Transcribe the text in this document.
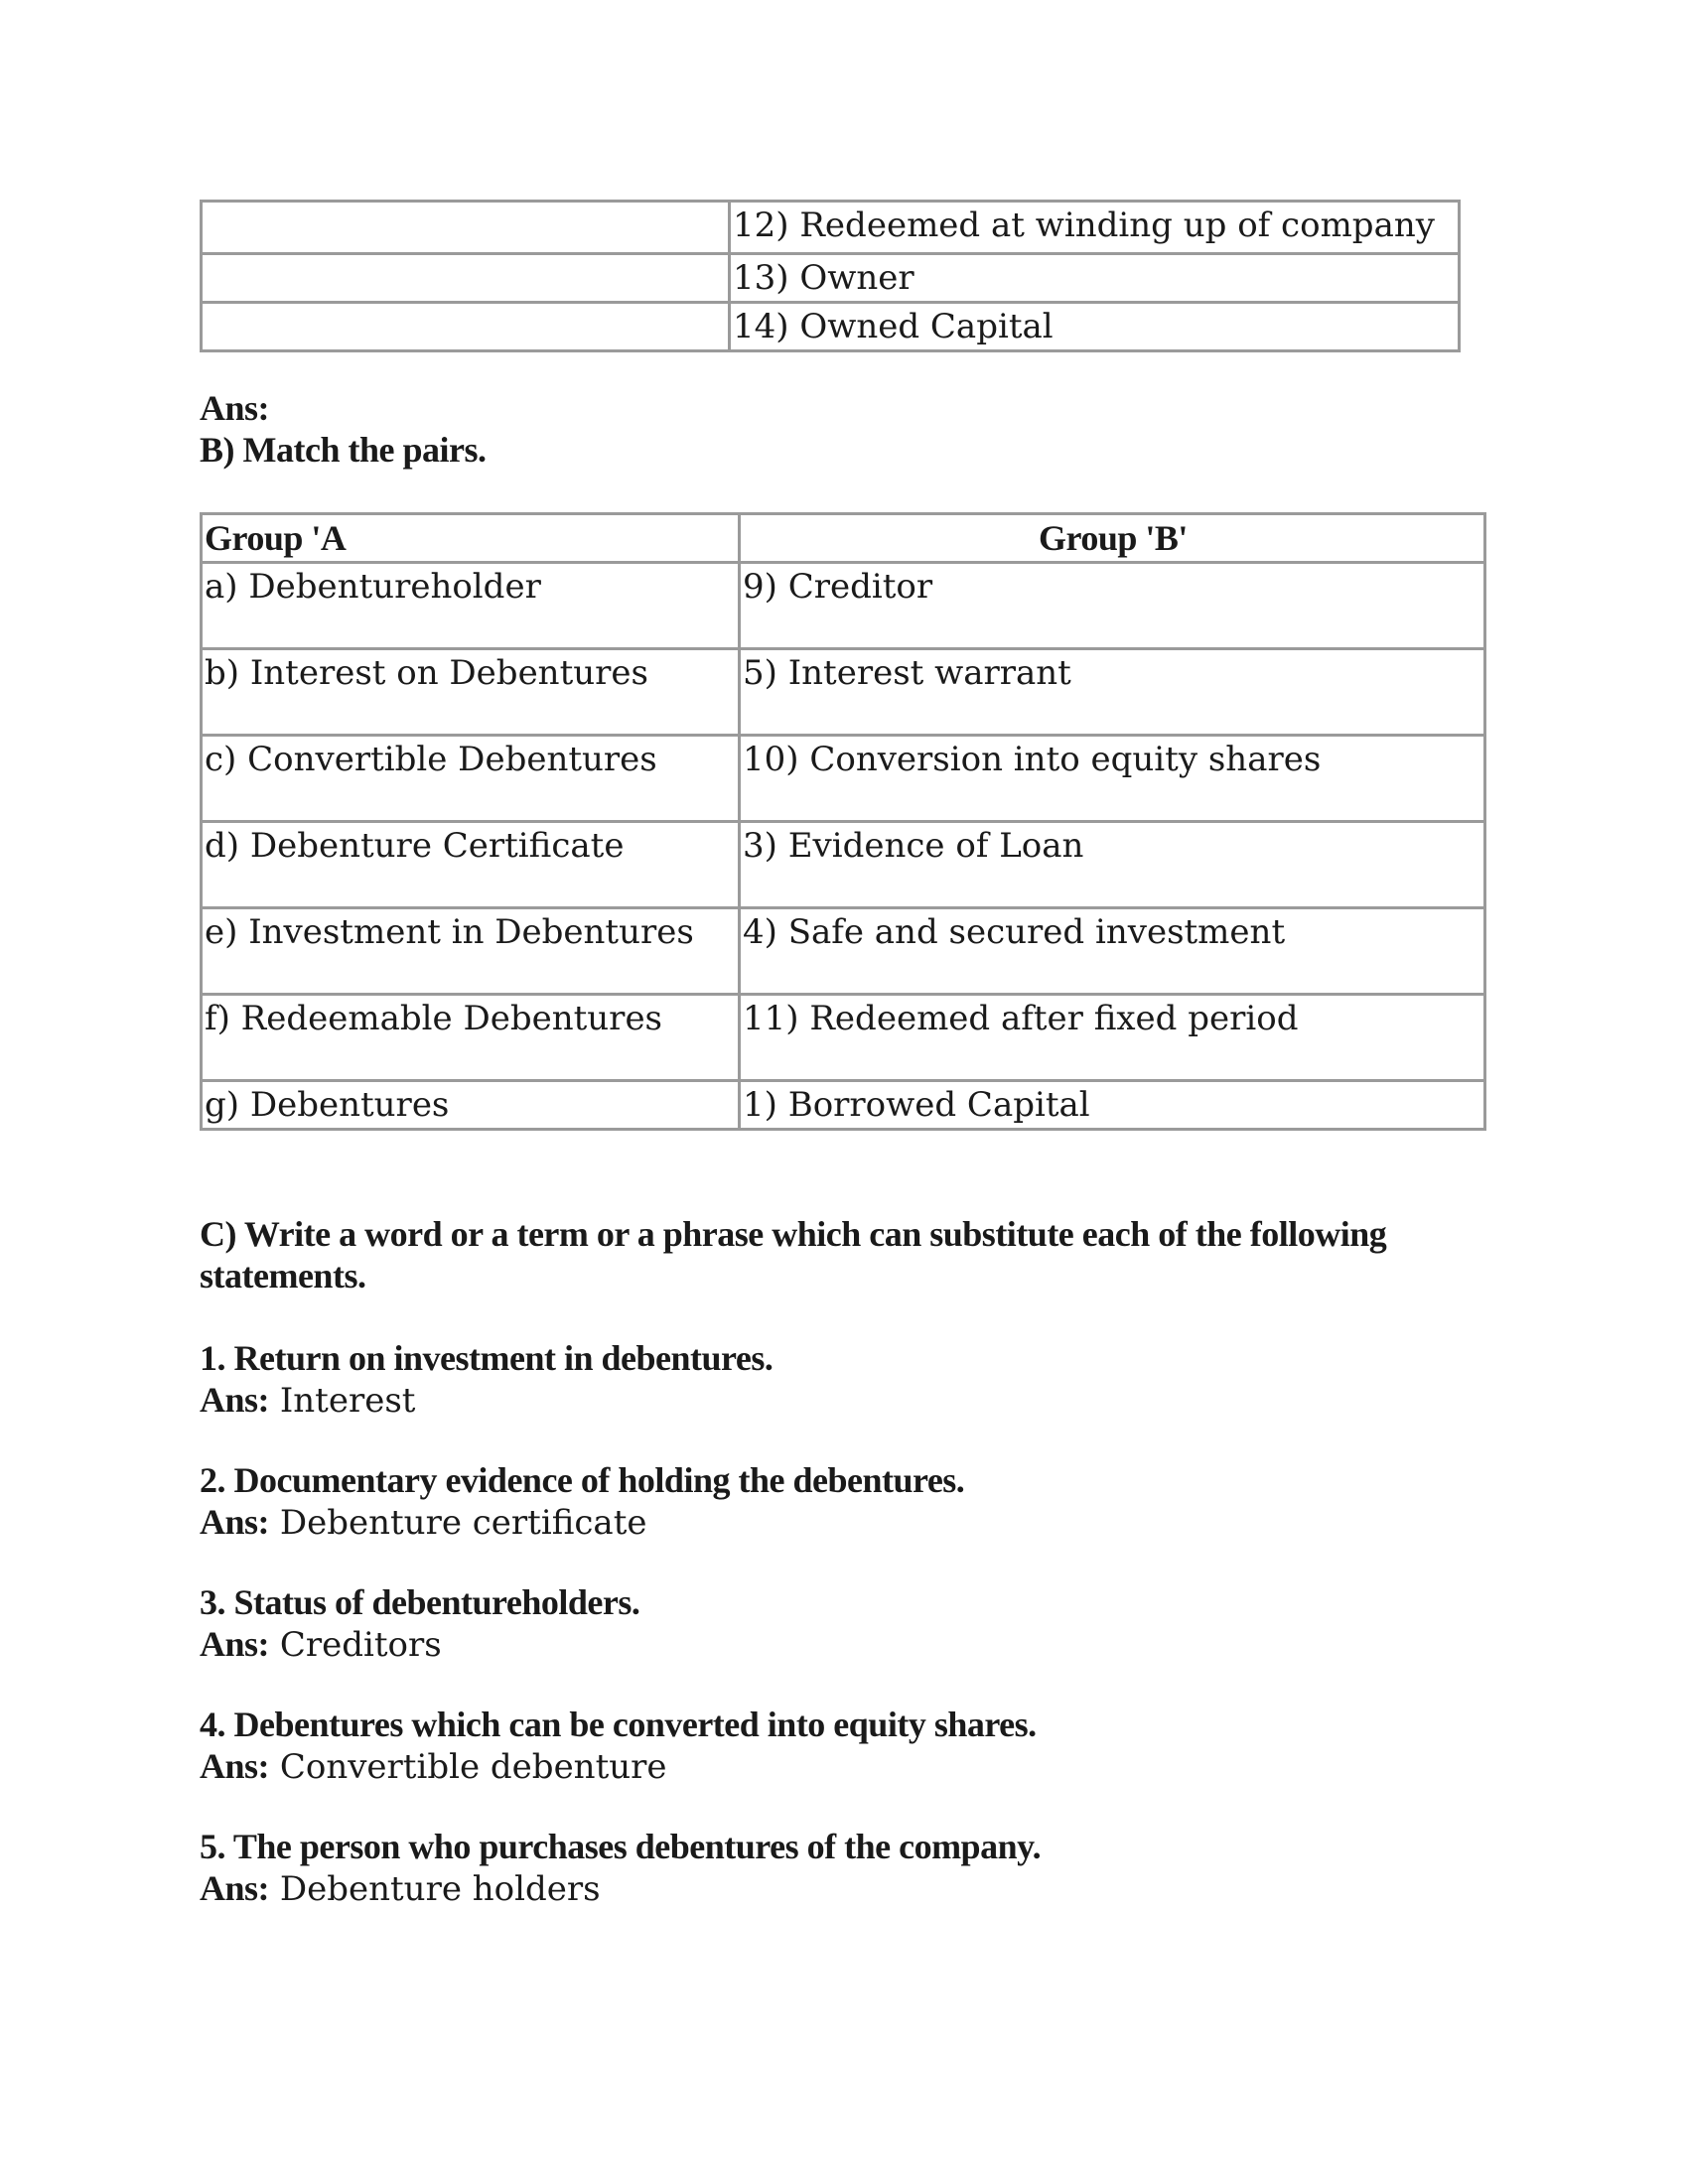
	12) Redeemed at winding up of company
	13) Owner
	14) Owned Capital

Ans:

B) Match the pairs.

Group 'A	Group 'B'
a) Debentureholder	9) Creditor
b) Interest on Debentures	5) Interest warrant
c) Convertible Debentures	10) Conversion into equity shares
d) Debenture Certificate	3) Evidence of Loan
e) Investment in Debentures	4) Safe and secured investment
f) Redeemable Debentures	11) Redeemed after fixed period
g) Debentures	1) Borrowed Capital

C) Write a word or a term or a phrase which can substitute each of the following

statements.

1. Return on investment in debentures.

Ans: Interest

2. Documentary evidence of holding the debentures.

Ans: Debenture certificate

3. Status of debentureholders.

Ans: Creditors

4. Debentures which can be converted into equity shares.

Ans: Convertible debenture

5. The person who purchases debentures of the company.

Ans: Debenture holders
